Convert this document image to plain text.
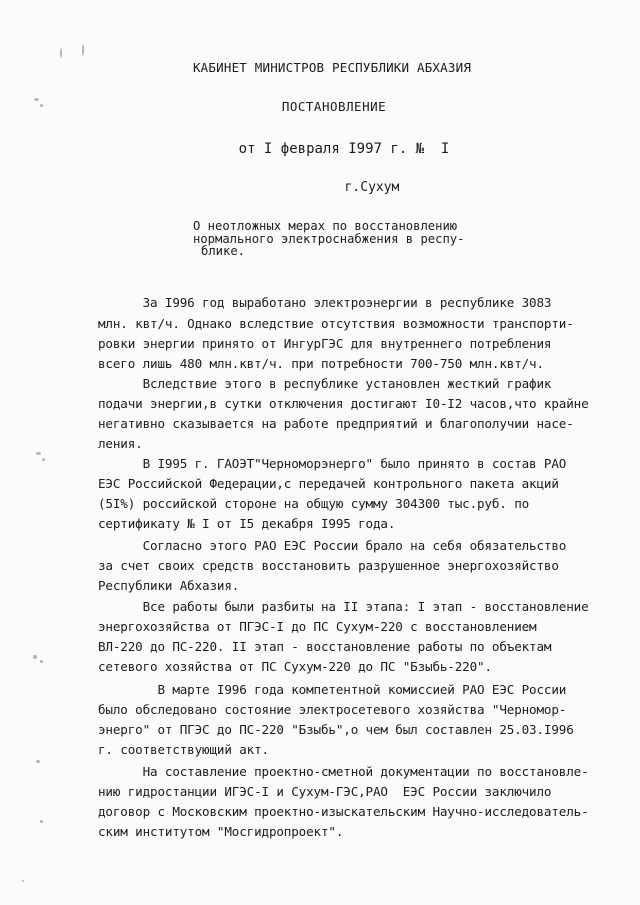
КАБИНЕТ МИНИСТРОВ РЕСПУБЛИКИ АБХАЗИЯ
ПОСТАНОВЛЕНИЕ
от I февраля I997 г. №  I
г.Сухум
О неотложных мерах по восстановлению
нормального электроснабжения в респу-
блике.
За I996 год выработано электроэнергии в республике 3083
млн. квт/ч. Однако вследствие отсутствия возможности транспорти-
ровки энергии принято от ИнгурГЭС для внутреннего потребления
всего лишь 480 млн.квт/ч. при потребности 700-750 млн.квт/ч.
Вследствие этого в республике установлен жесткий график
подачи энергии,в сутки отключения достигают I0-I2 часов,что крайне
негативно сказывается на работе предприятий и благополучии насе-
ления.
В I995 г. ГАОЭТ"Черноморэнерго" было принято в состав РАО
ЕЭС Российской Федерации,с передачей контрольного пакета акций
(5I%) российской стороне на общую сумму 304300 тыс.руб. по
сертификату № I от I5 декабря I995 года.
Согласно этого РАО ЕЭС России брало на себя обязательство
за счет своих средств восстановить разрушенное энергохозяйство
Республики Абхазия.
Все работы были разбиты на II этапа: I этап - восстановление
энергохозяйства от ПГЭС-I до ПС Сухум-220 с восстановлением
ВЛ-220 до ПС-220. II этап - восстановление работы по объектам
сетевого хозяйства от ПС Сухум-220 до ПС "Бзыбь-220".
В марте I996 года компетентной комиссией РАО ЕЭС России
было обследовано состояние электросетевого хозяйства "Черномор-
энерго" от ПГЭС до ПС-220 "Бзыбь",о чем был составлен 25.03.I996
г. соответствующий акт.
На составление проектно-сметной документации по восстановле-
нию гидростанции ИГЭС-I и Сухум-ГЭС,РАО  ЕЭС России заключило
договор с Московским проектно-изыскательским Научно-исследователь-
ским институтом "Мосгидропроект".
